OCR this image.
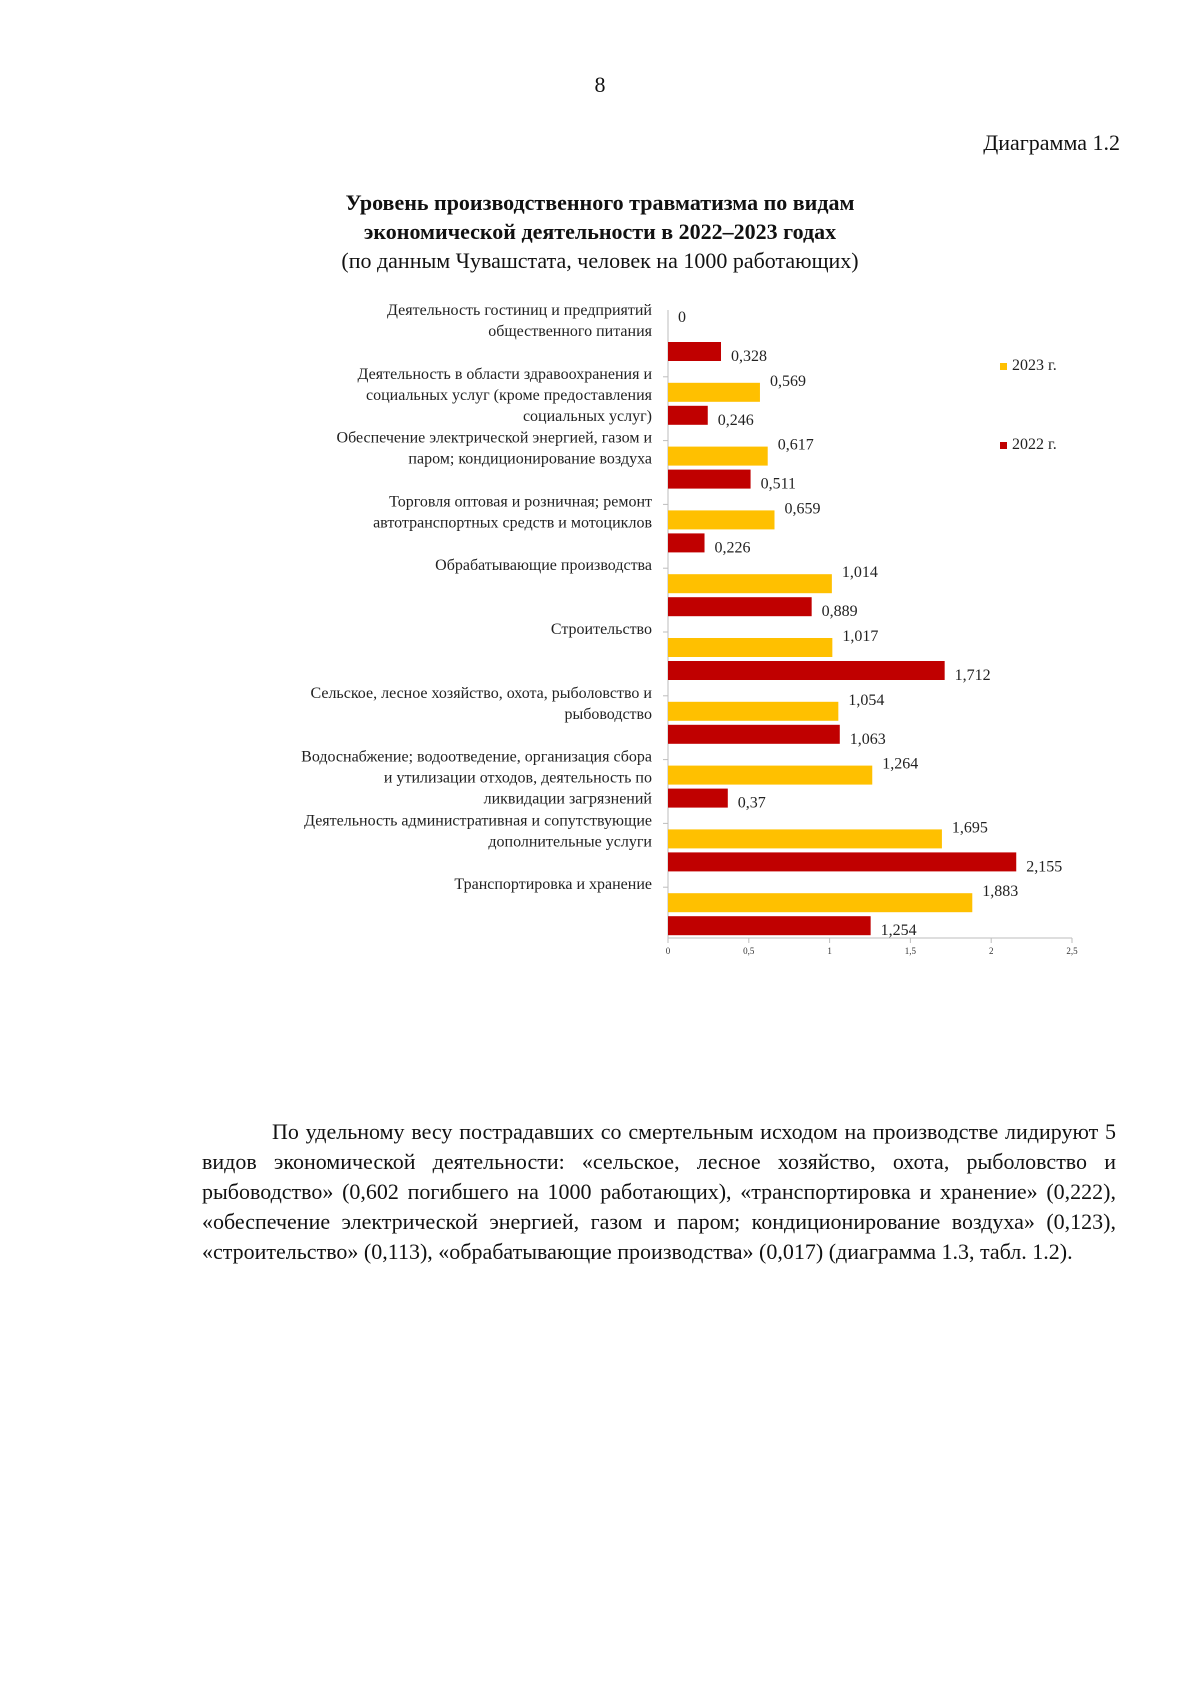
8
Диаграмма 1.2
Уровень производственного травматизма по видам
экономической деятельности в 2022–2023 годах
(по данным Чувашстата, человек на 1000 работающих)
0	0,5	1	1,5	2	2,5
Деятельность гостиниц и предприятий
общественного питания
Деятельность в области здравоохранения и
социальных услуг (кроме предоставления
социальных услуг)
Обеспечение электрической энергией, газом и
паром; кондиционирование воздуха
Торговля оптовая и розничная; ремонт
автотранспортных средств и мотоциклов
Обрабатывающие производства
Строительство
Сельское, лесное хозяйство, охота, рыболовство и
рыбоводство
Водоснабжение; водоотведение, организация сбора
и утилизации отходов, деятельность по
ликвидации загрязнений
Деятельность административная и сопутствующие
дополнительные услуги
Транспортировка и хранение
0
0,569
0,617
0,659
1,014
1,017
1,054
1,264
1,695
1,883
0,328
0,246
0,511
0,226
0,889
1,712
1,063
0,37
2,155
1,254
2023 г.
2022 г.

По удельному весу пострадавших со смертельным исходом на производстве лидируют 5 видов экономической деятельности: «сельское, лесное хозяйство, охота, рыболовство и рыбоводство» (0,602 погибшего на 1000 работающих), «транспортировка и хранение» (0,222), «обеспечение электрической энергией, газом и паром; кондиционирование воздуха» (0,123), «строительство» (0,113), «обрабатывающие производства» (0,017) (диаграмма 1.3, табл. 1.2).
